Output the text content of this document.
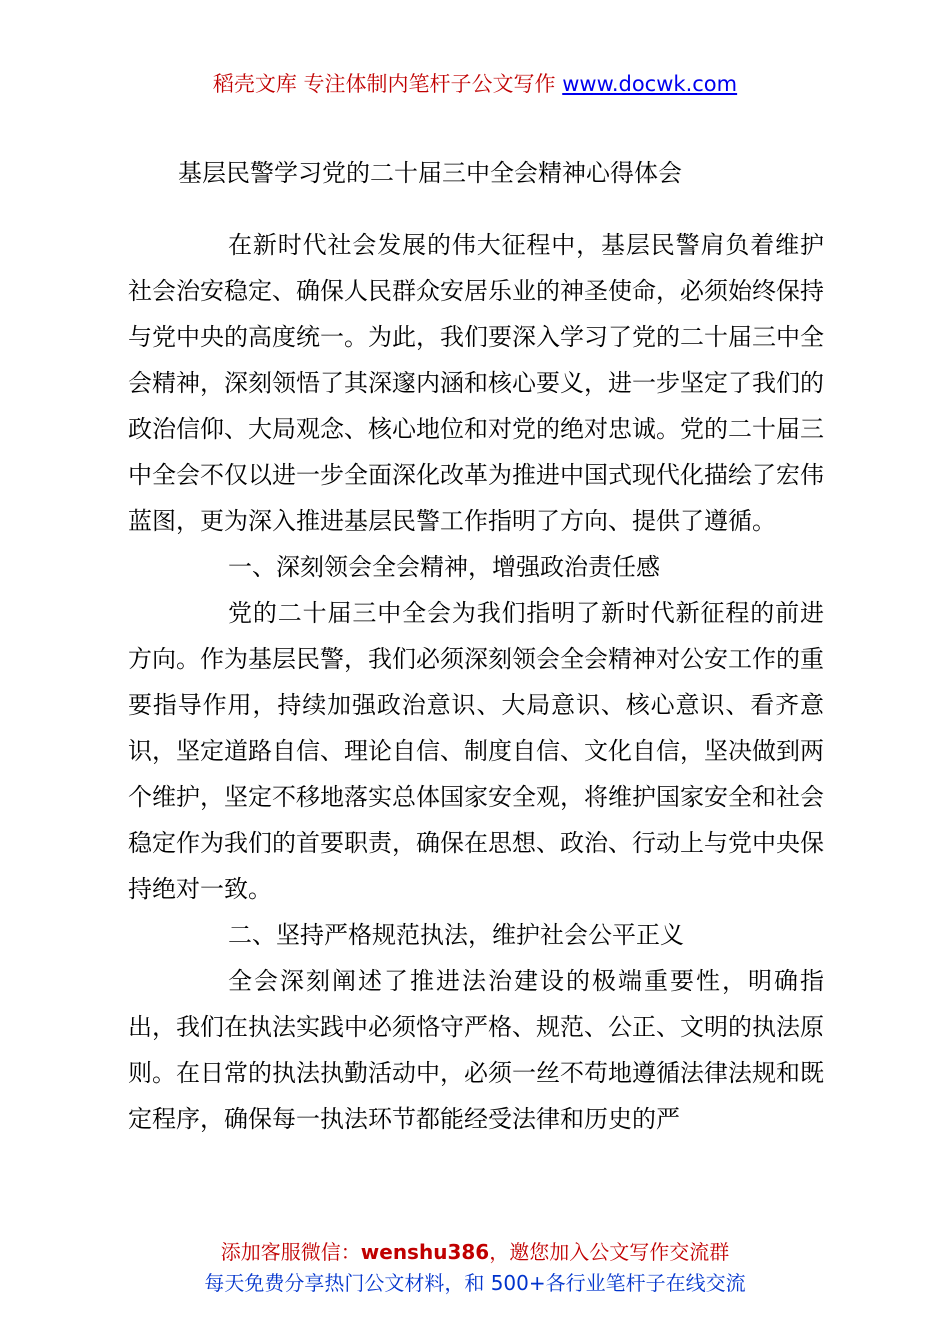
稻壳文库 专注体制内笔杆子公文写作 www.docwk.com
基层民警学习党的二十届三中全会精神心得体会

在新时代社会发展的伟大征程中，基层民警肩负着维护社会治安稳定、确保人民群众安居乐业的神圣使命，必须始终保持与党中央的高度统一。为此，我们要深入学习了党的二十届三中全会精神，深刻领悟了其深邃内涵和核心要义，进一步坚定了我们的政治信仰、大局观念、核心地位和对党的绝对忠诚。党的二十届三中全会不仅以进一步全面深化改革为推进中国式现代化描绘了宏伟蓝图，更为深入推进基层民警工作指明了方向、提供了遵循。

一、深刻领会全会精神，增强政治责任感

党的二十届三中全会为我们指明了新时代新征程的前进方向。作为基层民警，我们必须深刻领会全会精神对公安工作的重要指导作用，持续加强政治意识、大局意识、核心意识、看齐意识，坚定道路自信、理论自信、制度自信、文化自信，坚决做到两个维护，坚定不移地落实总体国家安全观，将维护国家安全和社会稳定作为我们的首要职责，确保在思想、政治、行动上与党中央保持绝对一致。

二、坚持严格规范执法，维护社会公平正义

全会深刻阐述了推进法治建设的极端重要性，明确指出，我们在执法实践中必须恪守严格、规范、公正、文明的执法原则。在日常的执法执勤活动中，必须一丝不苟地遵循法律法规和既定程序，确保每一执法环节都能经受法律和历史的严

添加客服微信：wenshu386，邀您加入公文写作交流群
每天免费分享热门公文材料，和 500+各行业笔杆子在线交流
